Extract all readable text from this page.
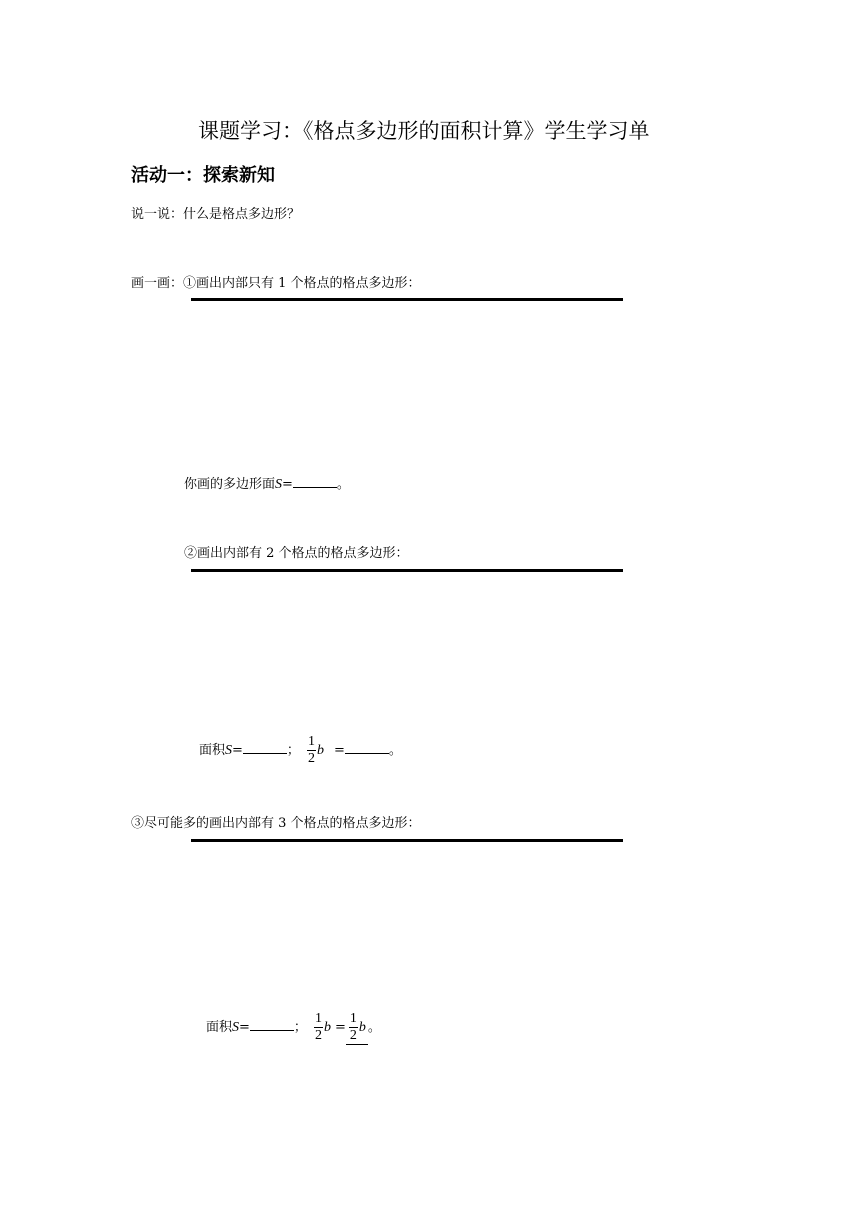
课题学习：《格点多边形的面积计算》学生学习单
活动一：探索新知
说一说：什么是格点多边形？
画一画：①画出内部只有 1 个格点的格点多边形：
你画的多边形面S=	。
②画出内部有 2 个格点的格点多边形：
面积S=	； $\frac{1}{2}$ b =	。
③尽可能多的画出内部有 3 个格点的格点多边形：
面积S=	； $\frac{1}{2}$ $b = \frac{1}{2}$ b 。
